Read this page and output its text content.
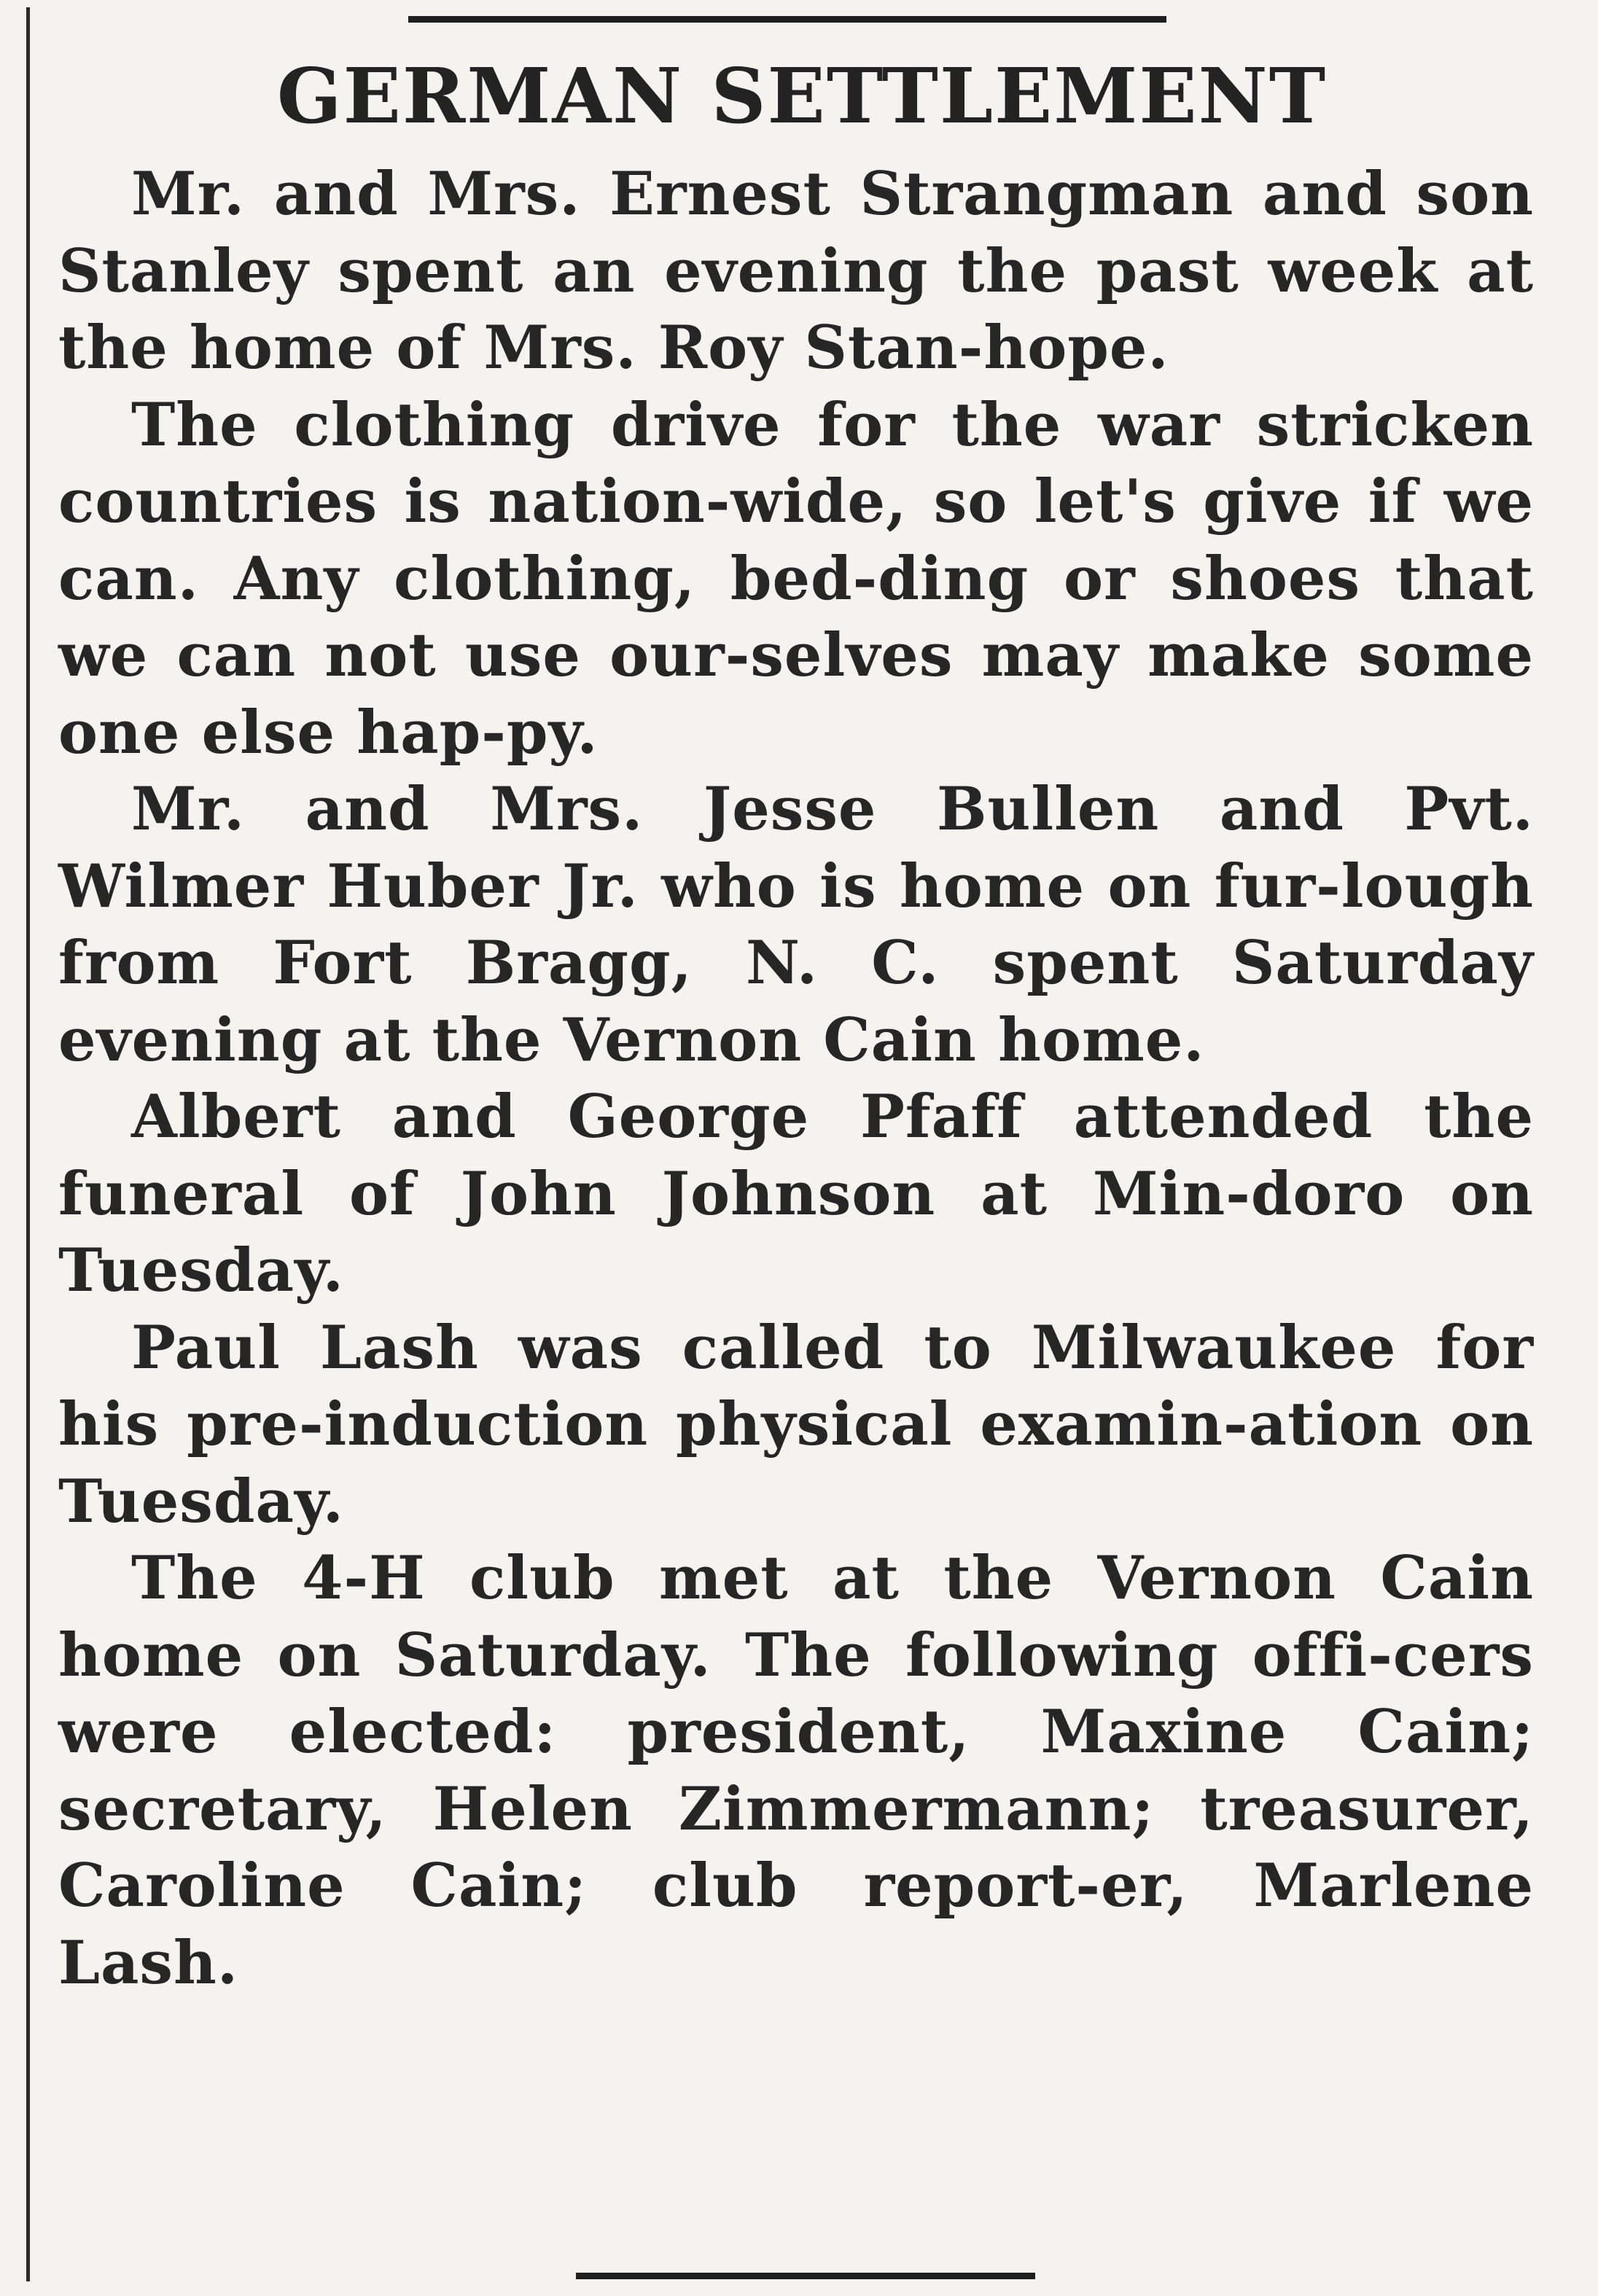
GERMAN SETTLEMENT

Mr. and Mrs. Ernest Strangman and son Stanley spent an evening the past week at the home of Mrs. Roy Stan-hope.

The clothing drive for the war stricken countries is nation-wide, so let's give if we can. Any clothing, bed-ding or shoes that we can not use our-selves may make some one else hap-py.

Mr. and Mrs. Jesse Bullen and Pvt. Wilmer Huber Jr. who is home on fur-lough from Fort Bragg, N. C. spent Saturday evening at the Vernon Cain home.

Albert and George Pfaff attended the funeral of John Johnson at Min-doro on Tuesday.

Paul Lash was called to Milwaukee for his pre-induction physical examin-ation on Tuesday.

The 4-H club met at the Vernon Cain home on Saturday. The following offi-cers were elected: president, Maxine Cain; secretary, Helen Zimmermann; treasurer, Caroline Cain; club report-er, Marlene Lash.
